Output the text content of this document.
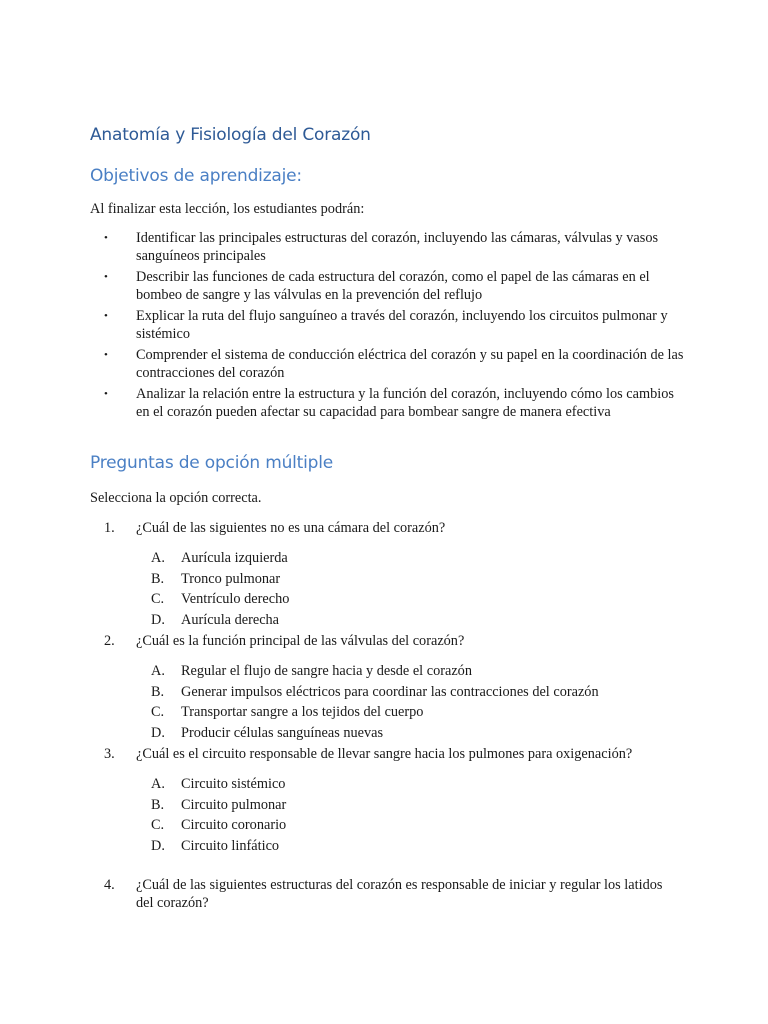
Anatomía y Fisiología del Corazón
Objetivos de aprendizaje:

Al finalizar esta lección, los estudiantes podrán:

• Identificar las principales estructuras del corazón, incluyendo las cámaras, válvulas y vasos sanguíneos principales
• Describir las funciones de cada estructura del corazón, como el papel de las cámaras en el bombeo de sangre y las válvulas en la prevención del reflujo
• Explicar la ruta del flujo sanguíneo a través del corazón, incluyendo los circuitos pulmonar y sistémico
• Comprender el sistema de conducción eléctrica del corazón y su papel en la coordinación de las contracciones del corazón
• Analizar la relación entre la estructura y la función del corazón, incluyendo cómo los cambios en el corazón pueden afectar su capacidad para bombear sangre de manera efectiva
Preguntas de opción múltiple

Selecciona la opción correcta.

1. ¿Cuál de las siguientes no es una cámara del corazón?
A. Aurícula izquierda
B. Tronco pulmonar
C. Ventrículo derecho
D. Aurícula derecha
2. ¿Cuál es la función principal de las válvulas del corazón?
A. Regular el flujo de sangre hacia y desde el corazón
B. Generar impulsos eléctricos para coordinar las contracciones del corazón
C. Transportar sangre a los tejidos del cuerpo
D. Producir células sanguíneas nuevas
3. ¿Cuál es el circuito responsable de llevar sangre hacia los pulmones para oxigenación?
A. Circuito sistémico
B. Circuito pulmonar
C. Circuito coronario
D. Circuito linfático
4. ¿Cuál de las siguientes estructuras del corazón es responsable de iniciar y regular los latidos del corazón?
